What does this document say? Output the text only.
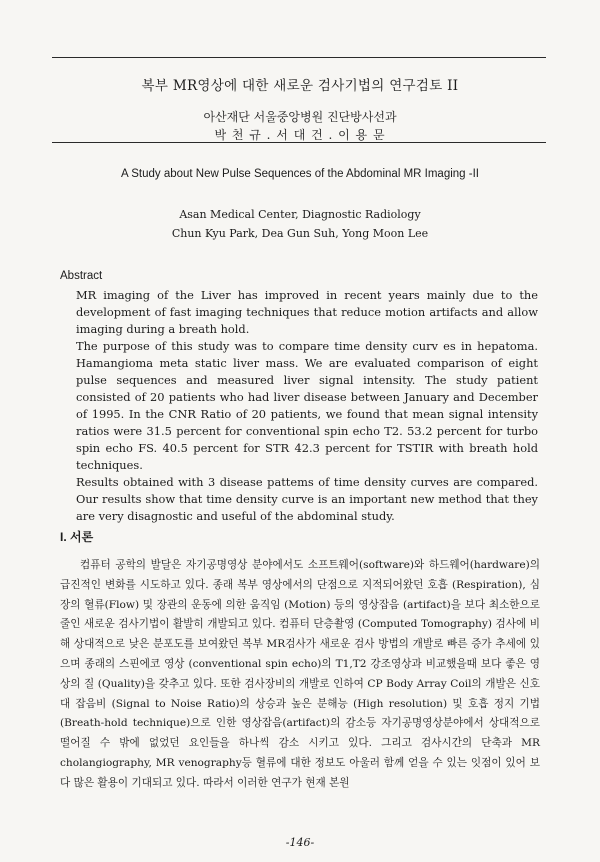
복부 MR영상에 대한 새로운 검사기법의 연구검토 II
아산재단 서울중앙병원 진단방사선과
박 천 규 . 서 대 건 . 이 용 문
A Study about New Pulse Sequences of the Abdominal MR Imaging -II
Asan Medical Center, Diagnostic Radiology
Chun Kyu Park, Dea Gun Suh, Yong Moon Lee
Abstract

MR imaging of the Liver has improved in recent years mainly due to the development of fast imaging techniques that reduce motion artifacts and allow imaging during a breath hold.

The purpose of this study was to compare time density curv es in hepatoma. Hamangioma meta static liver mass. We are evaluated comparison of eight pulse sequences and measured liver signal intensity. The study patient consisted of 20 patients who had liver disease between January and December of 1995. In the CNR Ratio of 20 patients, we found that mean signal intensity ratios were 31.5 percent for conventional spin echo T2. 53.2 percent for turbo spin echo FS. 40.5 percent for STR 42.3 percent for TSTIR with breath hold techniques.

Results obtained with 3 disease pattems of time density curves are compared. Our results show that time density curve is an important new method that they are very disagnostic and useful of the abdominal study.

I. 서론

컴퓨터 공학의 발달은 자기공명영상 분야에서도 소프트웨어(software)와 하드웨어(hardware)의 급진적인 변화를 시도하고 있다. 종래 복부 영상에서의 단점으로 지적되어왔던 호흡 (Respiration), 심장의 혈류(Flow) 및 장관의 운동에 의한 움직임 (Motion) 등의 영상잡음 (artifact)을 보다 최소한으로 줄인 새로운 검사기법이 활발히 개발되고 있다. 컴퓨터 단층촬영 (Computed Tomography) 검사에 비해 상대적으로 낮은 분포도를 보여왔던 복부 MR검사가 새로운 검사 방법의 개발로 빠른 증가 추세에 있으며 종래의 스핀에코 영상 (conventional spin echo)의 T1,T2 강조영상과 비교했을때 보다 좋은 영상의 질 (Quality)을 갖추고 있다. 또한 검사장비의 개발로 인하여 CP Body Array Coil의 개발은 신호대 잡음비 (Signal to Noise Ratio)의 상승과 높은 분해능 (High resolution) 및 호흡 정지 기법 (Breath-hold technique)으로 인한 영상잡음(artifact)의 감소등 자기공명영상분야에서 상대적으로 떨어질 수 밖에 없었던 요인들을 하나씩 감소 시키고 있다. 그리고 검사시간의 단축과 MR cholangiography, MR venography등 혈류에 대한 정보도 아울러 함께 얻을 수 있는 잇점이 있어 보다 많은 활용이 기대되고 있다. 따라서 이러한 연구가 현재 본원

-146-
